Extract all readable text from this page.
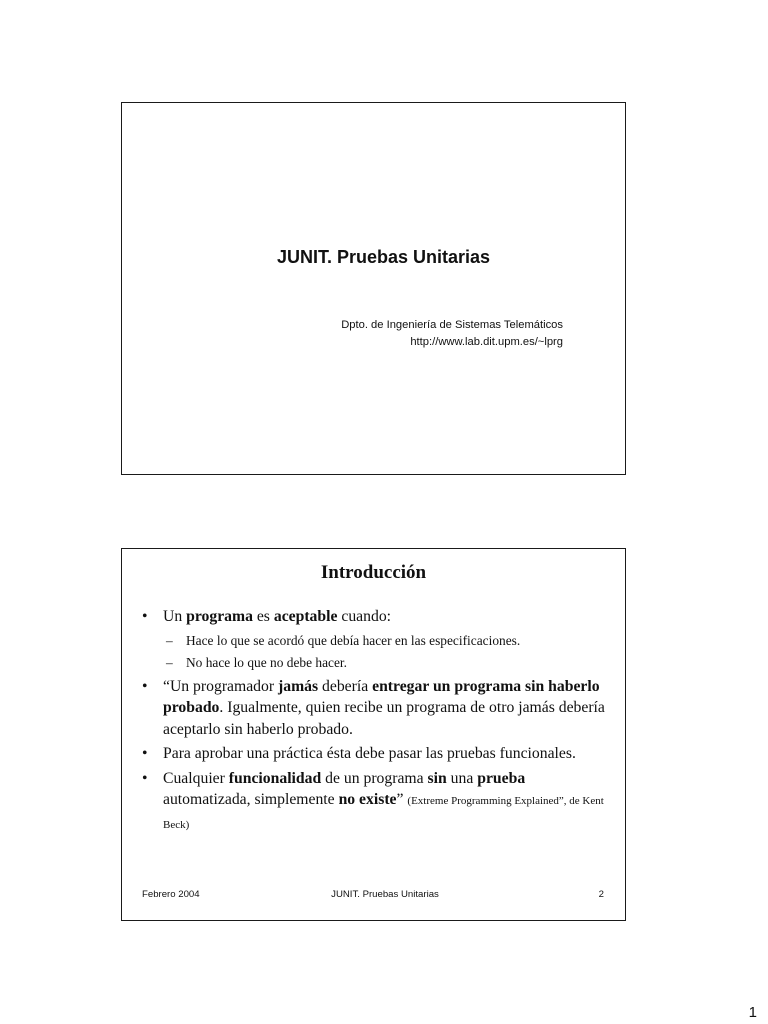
JUNIT. Pruebas Unitarias
Dpto. de Ingeniería de Sistemas Telemáticos
http://www.lab.dit.upm.es/~lprg
Introducción
• Un programa es aceptable cuando:
– Hace lo que se acordó que debía hacer en las especificaciones.
– No hace lo que no debe hacer.
• “Un programador jamás debería entregar un programa sin haberlo probado. Igualmente, quien recibe un programa de otro jamás debería aceptarlo sin haberlo probado.
• Para aprobar una práctica ésta debe pasar las pruebas funcionales.
• Cualquier funcionalidad de un programa sin una prueba automatizada, simplemente no existe” (Extreme Programming Explained”, de Kent Beck)
Febrero 2004	JUNIT. Pruebas Unitarias	2
1
